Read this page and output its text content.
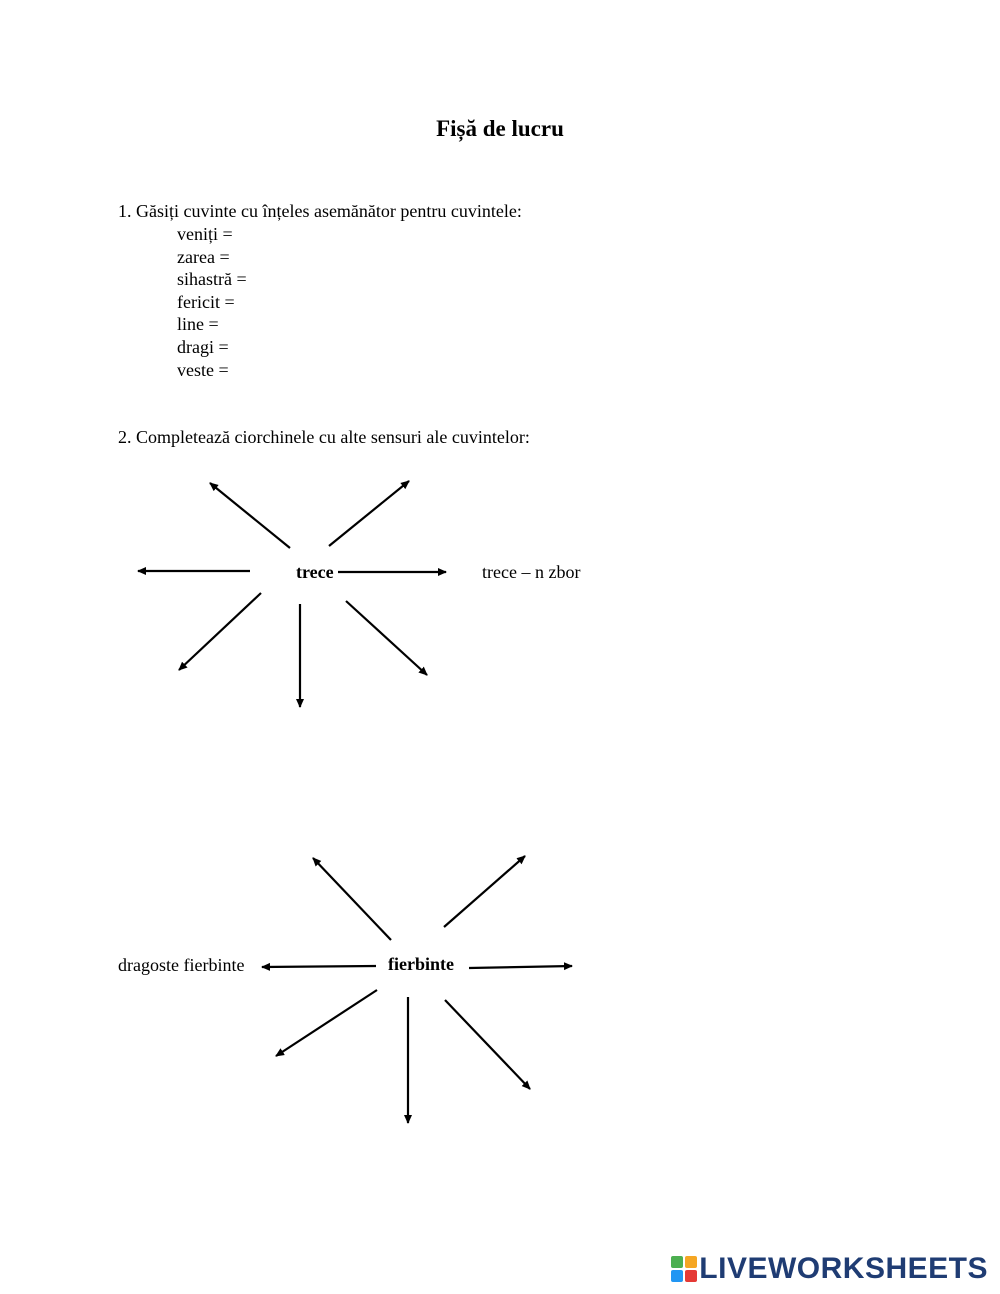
Fișă de lucru
1. Găsiți cuvinte cu înțeles asemănător pentru cuvintele:
veniți =
zarea =
sihastră =
fericit =
line =
dragi =
veste =
2. Completează ciorchinele cu alte sensuri ale cuvintelor:
trece	trece – n zbor
fierbinte
dragoste fierbinte
LIVEWORKSHEETS
